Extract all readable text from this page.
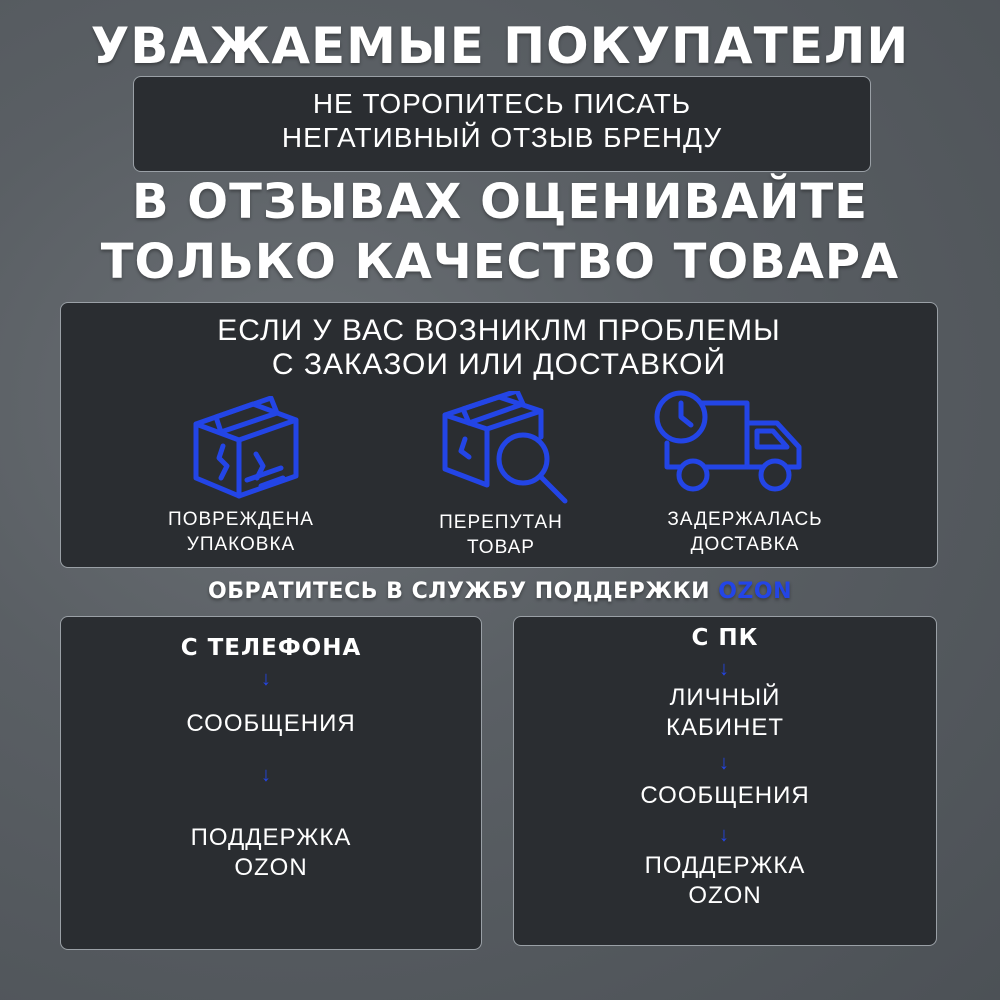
УВАЖАЕМЫЕ ПОКУПАТЕЛИ
НЕ ТОРОПИТЕСЬ ПИСАТЬ
НЕГАТИВНЫЙ ОТЗЫВ БРЕНДУ
В ОТЗЫВАХ ОЦЕНИВАЙТЕ
ТОЛЬКО КАЧЕСТВО ТОВАРА
ЕСЛИ У ВАС ВОЗНИКЛМ ПРОБЛЕМЫ
С ЗАКАЗОИ ИЛИ ДОСТАВКОЙ
ПОВРЕЖДЕНА
УПАКОВКА
ПЕРЕПУТАН
ТОВАР
ЗАДЕРЖАЛАСЬ
ДОСТАВКА
ОБРАТИТЕСЬ В СЛУЖБУ ПОДДЕРЖКИ OZON
С ТЕЛЕФОНА
↓
СООБЩЕНИЯ
↓
ПОДДЕРЖКА
OZON
С ПК
↓
ЛИЧНЫЙ
КАБИНЕТ
↓
СООБЩЕНИЯ
↓
ПОДДЕРЖКА
OZON
